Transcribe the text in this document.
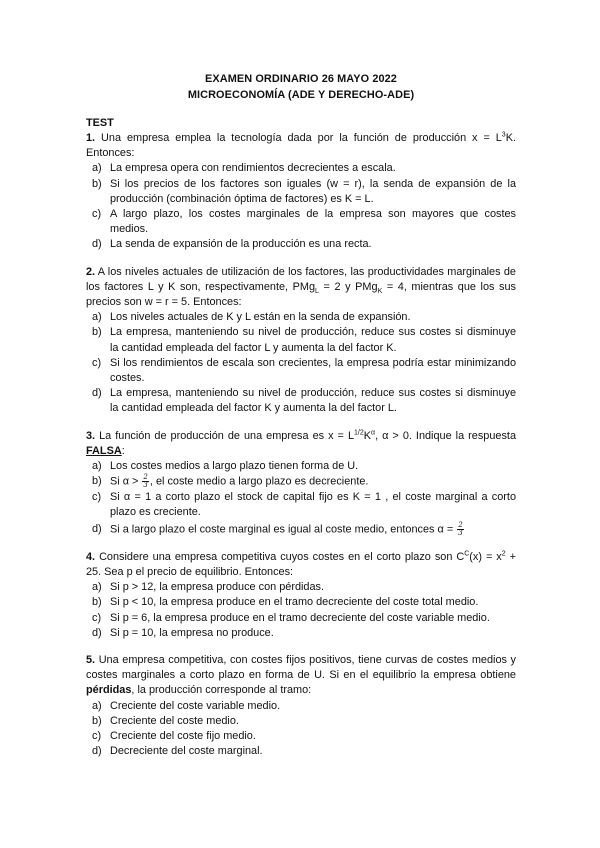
EXAMEN ORDINARIO 26 MAYO 2022
MICROECONOMÍA (ADE Y DERECHO-ADE)
TEST
1. Una empresa emplea la tecnología dada por la función de producción $x = L^3K$. Entonces:
a) La empresa opera con rendimientos decrecientes a escala.
b) Si los precios de los factores son iguales (w = r), la senda de expansión de la producción (combinación óptima de factores) es K = L.
c) A largo plazo, los costes marginales de la empresa son mayores que costes medios.
d) La senda de expansión de la producción es una recta.
2. A los niveles actuales de utilización de los factores, las productividades marginales de los factores L y K son, respectivamente, PMg$_L$ = 2 y PMg$_K$ = 4, mientras que los sus precios son w = r = 5. Entonces:
a) Los niveles actuales de K y L están en la senda de expansión.
b) La empresa, manteniendo su nivel de producción, reduce sus costes si disminuye la cantidad empleada del factor L y aumenta la del factor K.
c) Si los rendimientos de escala son crecientes, la empresa podría estar minimizando costes.
d) La empresa, manteniendo su nivel de producción, reduce sus costes si disminuye la cantidad empleada del factor K y aumenta la del factor L.
3. La función de producción de una empresa es $x = L^{1/2}K^\alpha$, α > 0. Indique la respuesta FALSA:
a) Los costes medios a largo plazo tienen forma de U.
b) Si $\alpha > \frac{2}{3}$ , el coste medio a largo plazo es decreciente.
c) Si α = 1 a corto plazo el stock de capital fijo es K = 1 , el coste marginal a corto plazo es creciente.
d) Si a largo plazo el coste marginal es igual al coste medio, entonces $\alpha = \frac{2}{3}$
4. Considere una empresa competitiva cuyos costes en el corto plazo son $C^C(x) = x^2 + 25$. Sea p el precio de equilibrio. Entonces:
a) Si p > 12, la empresa produce con pérdidas.
b) Si p < 10, la empresa produce en el tramo decreciente del coste total medio.
c) Si p = 6, la empresa produce en el tramo decreciente del coste variable medio.
d) Si p = 10, la empresa no produce.
5. Una empresa competitiva, con costes fijos positivos, tiene curvas de costes medios y costes marginales a corto plazo en forma de U. Si en el equilibrio la empresa obtiene pérdidas, la producción corresponde al tramo:
a) Creciente del coste variable medio.
b) Creciente del coste medio.
c) Creciente del coste fijo medio.
d) Decreciente del coste marginal.
